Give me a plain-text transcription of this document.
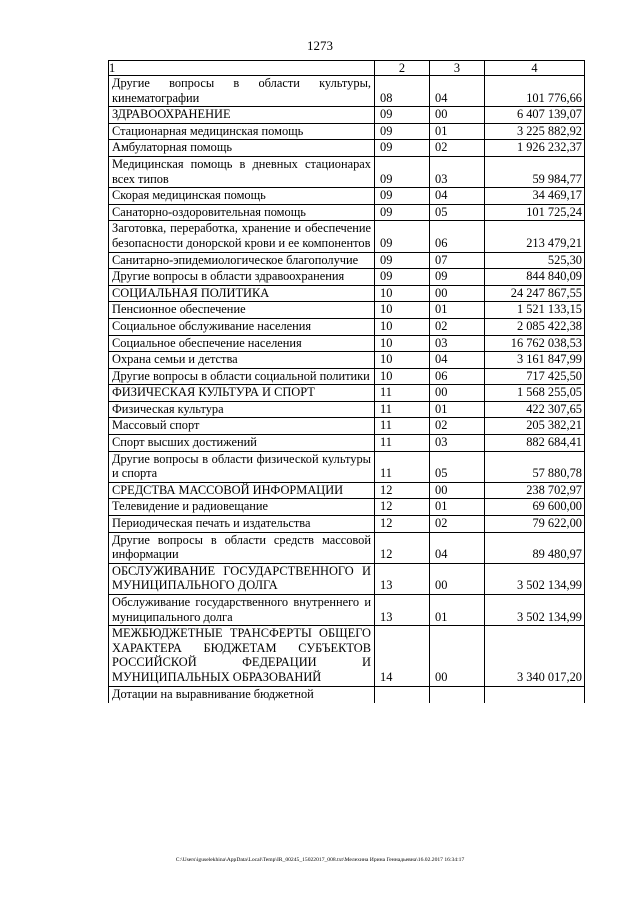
1273
1	2	3	4
Другие вопросы в области культуры, кинематографии	08	04	101 776,66
ЗДРАВООХРАНЕНИЕ	09	00	6 407 139,07
Стационарная медицинская помощь	09	01	3 225 882,92
Амбулаторная помощь	09	02	1 926 232,37
Медицинская помощь в дневных стационарах всех типов	09	03	59 984,77
Скорая медицинская помощь	09	04	34 469,17
Санаторно-оздоровительная помощь	09	05	101 725,24
Заготовка, переработка, хранение и обеспечение безопасности донорской крови и ее компонентов	09	06	213 479,21
Санитарно-эпидемиологическое благополучие	09	07	525,30
Другие вопросы в области здравоохранения	09	09	844 840,09
СОЦИАЛЬНАЯ ПОЛИТИКА	10	00	24 247 867,55
Пенсионное обеспечение	10	01	1 521 133,15
Социальное обслуживание населения	10	02	2 085 422,38
Социальное обеспечение населения	10	03	16 762 038,53
Охрана семьи и детства	10	04	3 161 847,99
Другие вопросы в области социальной политики	10	06	717 425,50
ФИЗИЧЕСКАЯ КУЛЬТУРА И СПОРТ	11	00	1 568 255,05
Физическая культура	11	01	422 307,65
Массовый спорт	11	02	205 382,21
Спорт высших достижений	11	03	882 684,41
Другие вопросы в области физической культуры и спорта	11	05	57 880,78
СРЕДСТВА МАССОВОЙ ИНФОРМАЦИИ	12	00	238 702,97
Телевидение и радиовещание	12	01	69 600,00
Периодическая печать и издательства	12	02	79 622,00
Другие вопросы в области средств массовой информации	12	04	89 480,97
ОБСЛУЖИВАНИЕ ГОСУДАРСТВЕННОГО И МУНИЦИПАЛЬНОГО ДОЛГА	13	00	3 502 134,99
Обслуживание государственного внутреннего и муниципального долга	13	01	3 502 134,99
МЕЖБЮДЖЕТНЫЕ ТРАНСФЕРТЫ ОБЩЕГО ХАРАКТЕРА БЮДЖЕТАМ СУБЪЕКТОВ РОССИЙСКОЙ ФЕДЕРАЦИИ И МУНИЦИПАЛЬНЫХ ОБРАЗОВАНИЙ	14	00	3 340 017,20
Дотации на выравнивание бюджетной			
C:\Users\iguselekhina\AppData\Local\Temp\IR_00245_15022017_008.txt\Мелехина Ирина Геннадьевна\16.02.2017 16:34:17
